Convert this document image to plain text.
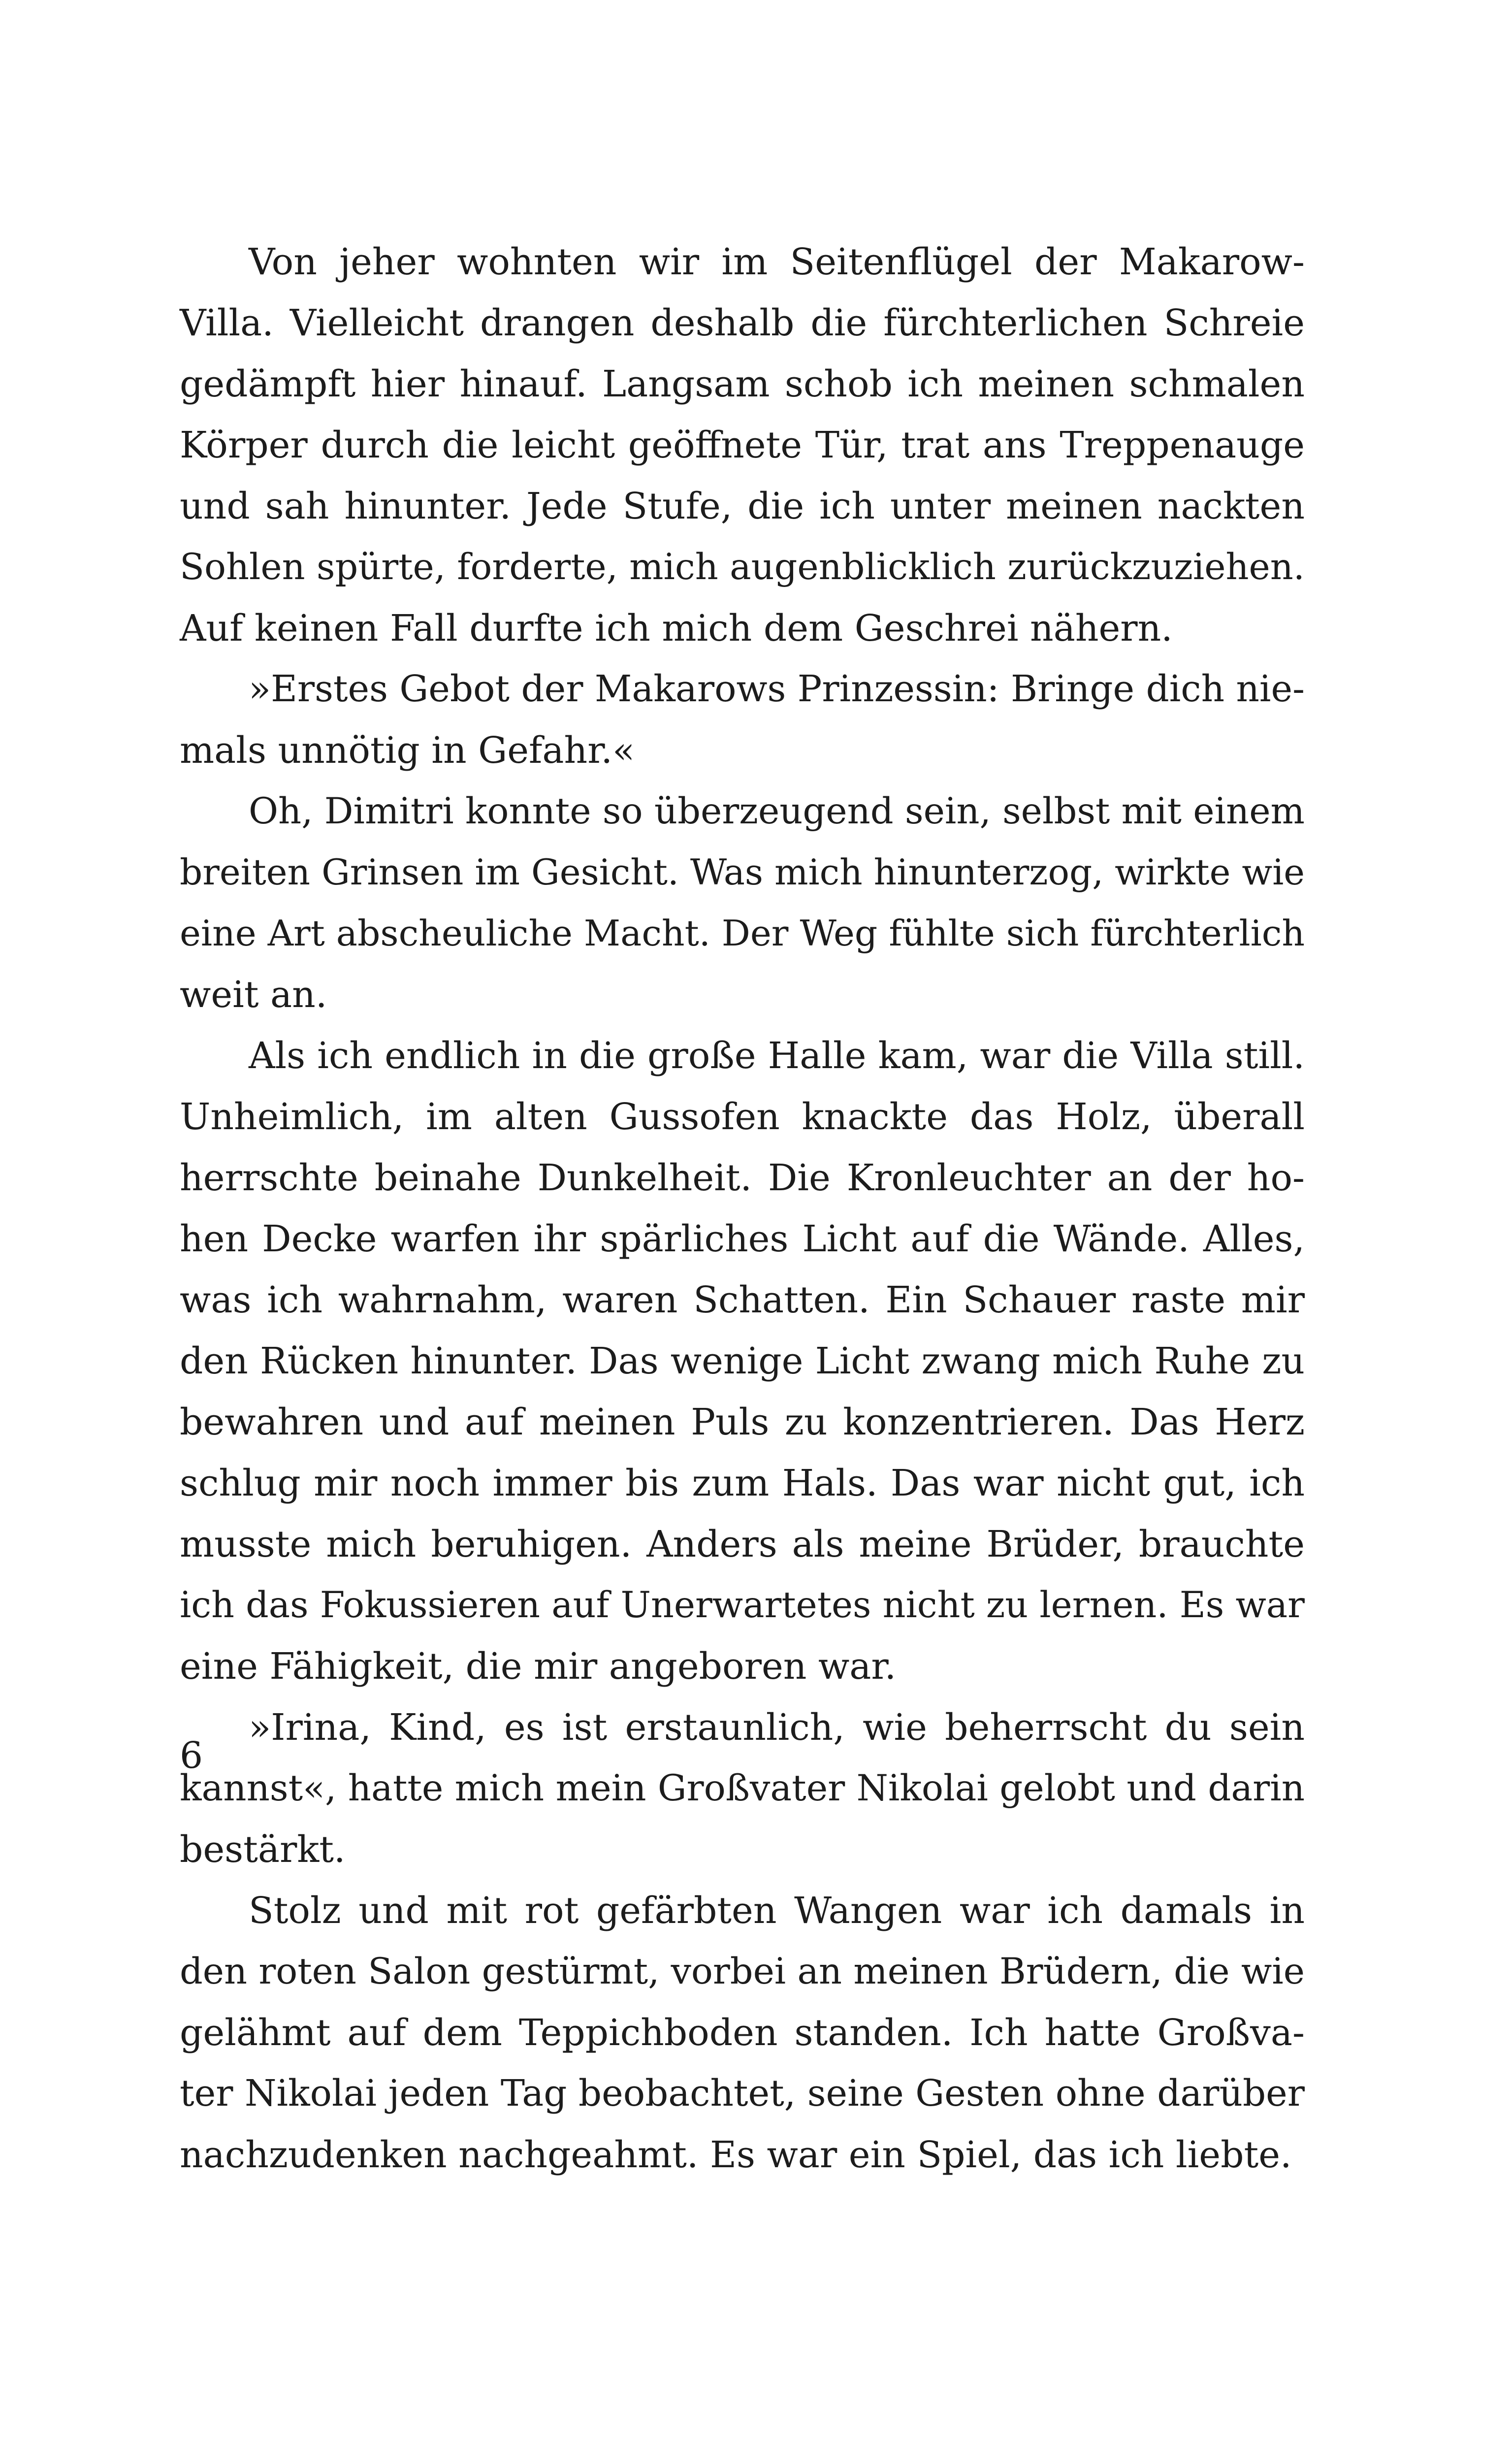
Von jeher wohnten wir im Seitenflügel der Makarow-
Villa. Vielleicht drangen deshalb die fürchterlichen Schreie
gedämpft hier hinauf. Langsam schob ich meinen schmalen
Körper durch die leicht geöffnete Tür, trat ans Treppenauge
und sah hinunter. Jede Stufe, die ich unter meinen nackten
Sohlen spürte, forderte, mich augenblicklich zurückzuziehen.
Auf keinen Fall durfte ich mich dem Geschrei nähern.
»Erstes Gebot der Makarows Prinzessin: Bringe dich nie-
mals unnötig in Gefahr.«
Oh, Dimitri konnte so überzeugend sein, selbst mit einem
breiten Grinsen im Gesicht. Was mich hinunterzog, wirkte wie
eine Art abscheuliche Macht. Der Weg fühlte sich fürchterlich
weit an.
Als ich endlich in die große Halle kam, war die Villa still.
Unheimlich, im alten Gussofen knackte das Holz, überall
herrschte beinahe Dunkelheit. Die Kronleuchter an der ho-
hen Decke warfen ihr spärliches Licht auf die Wände. Alles,
was ich wahrnahm, waren Schatten. Ein Schauer raste mir
den Rücken hinunter. Das wenige Licht zwang mich Ruhe zu
bewahren und auf meinen Puls zu konzentrieren. Das Herz
schlug mir noch immer bis zum Hals. Das war nicht gut, ich
musste mich beruhigen. Anders als meine Brüder, brauchte
ich das Fokussieren auf Unerwartetes nicht zu lernen. Es war
eine Fähigkeit, die mir angeboren war.
»Irina, Kind, es ist erstaunlich, wie beherrscht du sein
kannst«, hatte mich mein Großvater Nikolai gelobt und darin
bestärkt.
Stolz und mit rot gefärbten Wangen war ich damals in
den roten Salon gestürmt, vorbei an meinen Brüdern, die wie
gelähmt auf dem Teppichboden standen. Ich hatte Großva-
ter Nikolai jeden Tag beobachtet, seine Gesten ohne darüber
nachzudenken nachgeahmt. Es war ein Spiel, das ich liebte.
6
